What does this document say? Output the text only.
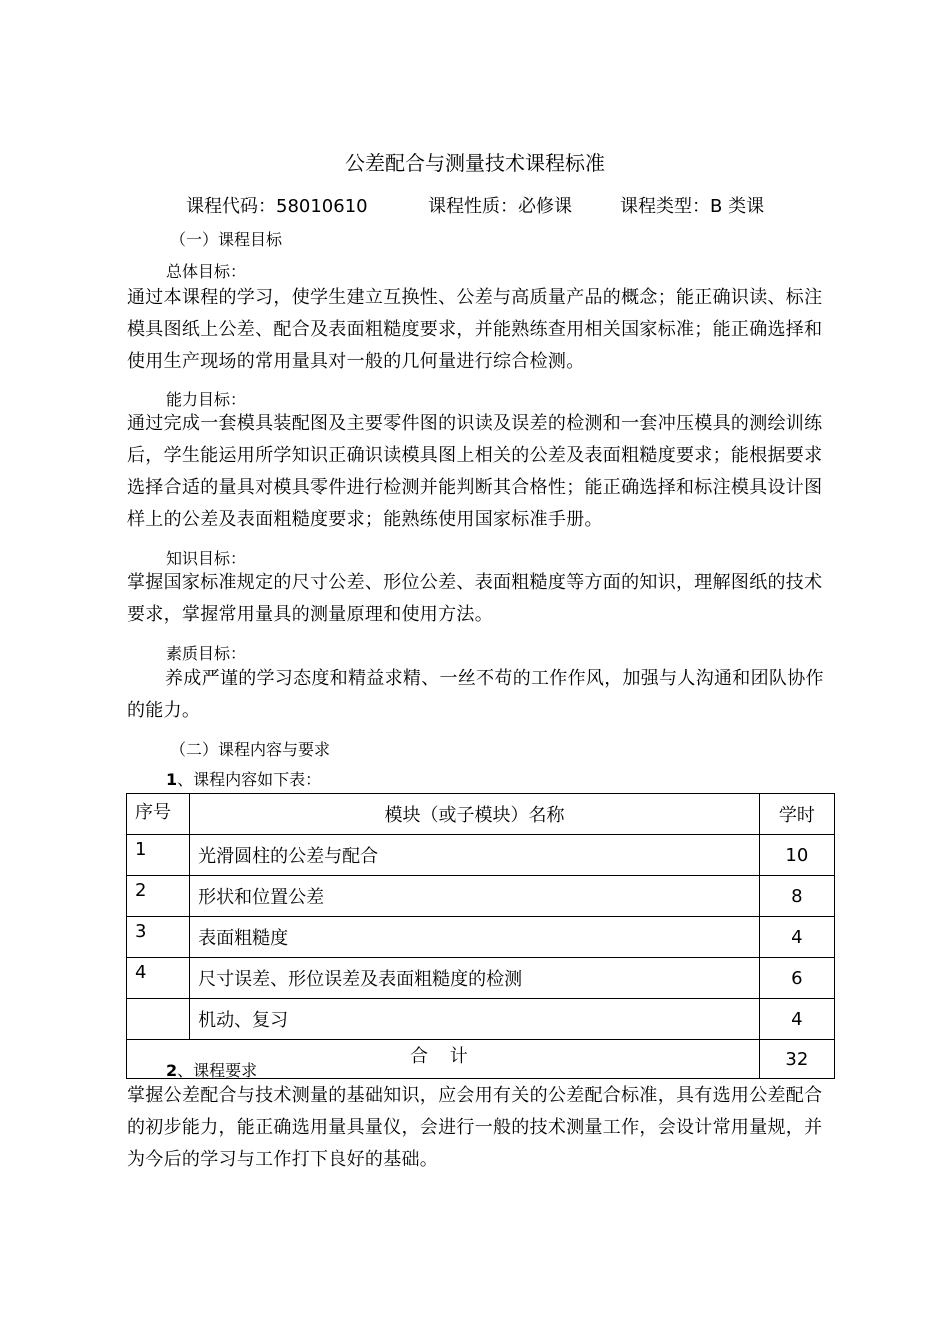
公差配合与测量技术课程标准
课程代码：58010610	课程性质：必修课	课程类型：B 类课
（一）课程目标
总体目标：
通过本课程的学习，使学生建立互换性、公差与高质量产品的概念；能正确识读、标注模具图纸上公差、配合及表面粗糙度要求，并能熟练查用相关国家标准；能正确选择和使用生产现场的常用量具对一般的几何量进行综合检测。
能力目标：
通过完成一套模具装配图及主要零件图的识读及误差的检测和一套冲压模具的测绘训练后，学生能运用所学知识正确识读模具图上相关的公差及表面粗糙度要求；能根据要求选择合适的量具对模具零件进行检测并能判断其合格性；能正确选择和标注模具设计图样上的公差及表面粗糙度要求；能熟练使用国家标准手册。
知识目标：
掌握国家标准规定的尺寸公差、形位公差、表面粗糙度等方面的知识，理解图纸的技术要求，掌握常用量具的测量原理和使用方法。
素质目标：
养成严谨的学习态度和精益求精、一丝不苟的工作作风，加强与人沟通和团队协作的能力。
（二）课程内容与要求
1、课程内容如下表：
序号	模块（或子模块）名称	学时
1	光滑圆柱的公差与配合	10
2	形状和位置公差	8
3	表面粗糙度	4
4	尺寸误差、形位误差及表面粗糙度的检测	6
	机动、复习	4
合 计		32
2、课程要求
掌握公差配合与技术测量的基础知识，应会用有关的公差配合标准，具有选用公差配合的初步能力，能正确选用量具量仪，会进行一般的技术测量工作，会设计常用量规，并为今后的学习与工作打下良好的基础。
